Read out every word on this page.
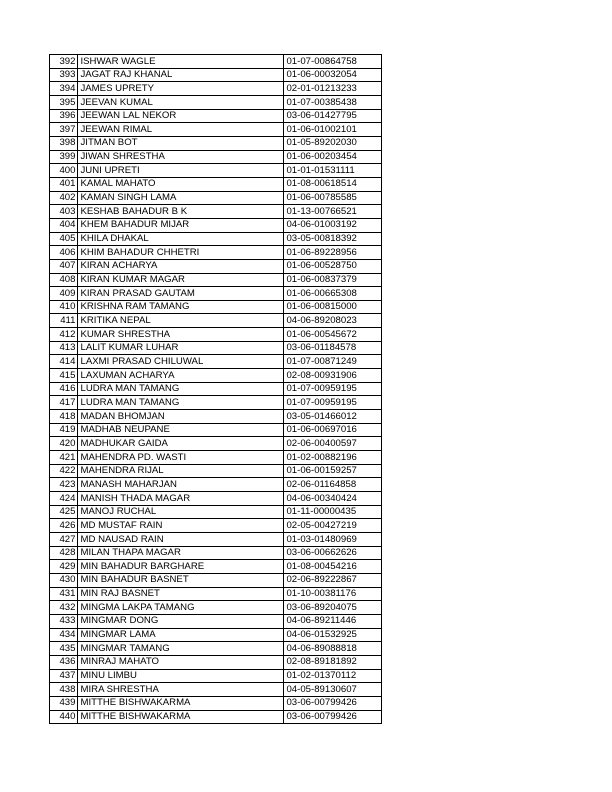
392	ISHWAR WAGLE	01-07-00864758
393	JAGAT RAJ KHANAL	01-06-00032054
394	JAMES UPRETY	02-01-01213233
395	JEEVAN KUMAL	01-07-00385438
396	JEEWAN LAL NEKOR	03-06-01427795
397	JEEWAN RIMAL	01-06-01002101
398	JITMAN BOT	01-05-89202030
399	JIWAN SHRESTHA	01-06-00203454
400	JUNI UPRETI	01-01-01531111
401	KAMAL MAHATO	01-08-00618514
402	KAMAN SINGH LAMA	01-06-00785585
403	KESHAB BAHADUR B K	01-13-00766521
404	KHEM BAHADUR MIJAR	04-06-01003192
405	KHILA DHAKAL	03-05-00818392
406	KHIM BAHADUR CHHETRI	01-06-89228956
407	KIRAN ACHARYA	01-06-00528750
408	KIRAN KUMAR MAGAR	01-06-00837379
409	KIRAN PRASAD GAUTAM	01-06-00665308
410	KRISHNA RAM TAMANG	01-06-00815000
411	KRITIKA NEPAL	04-06-89208023
412	KUMAR SHRESTHA	01-06-00545672
413	LALIT KUMAR LUHAR	03-06-01184578
414	LAXMI PRASAD CHILUWAL	01-07-00871249
415	LAXUMAN ACHARYA	02-08-00931906
416	LUDRA MAN TAMANG	01-07-00959195
417	LUDRA MAN TAMANG	01-07-00959195
418	MADAN BHOMJAN	03-05-01466012
419	MADHAB NEUPANE	01-06-00697016
420	MADHUKAR GAIDA	02-06-00400597
421	MAHENDRA PD. WASTI	01-02-00882196
422	MAHENDRA RIJAL	01-06-00159257
423	MANASH MAHARJAN	02-06-01164858
424	MANISH THADA MAGAR	04-06-00340424
425	MANOJ RUCHAL	01-11-00000435
426	MD MUSTAF RAIN	02-05-00427219
427	MD NAUSAD RAIN	01-03-01480969
428	MILAN THAPA MAGAR	03-06-00662626
429	MIN BAHADUR BARGHARE	01-08-00454216
430	MIN BAHADUR BASNET	02-06-89222867
431	MIN RAJ BASNET	01-10-00381176
432	MINGMA LAKPA TAMANG	03-06-89204075
433	MINGMAR DONG	04-06-89211446
434	MINGMAR LAMA	04-06-01532925
435	MINGMAR TAMANG	04-06-89088818
436	MINRAJ MAHATO	02-08-89181892
437	MINU LIMBU	01-02-01370112
438	MIRA SHRESTHA	04-05-89130607
439	MITTHE BISHWAKARMA	03-06-00799426
440	MITTHE BISHWAKARMA	03-06-00799426
